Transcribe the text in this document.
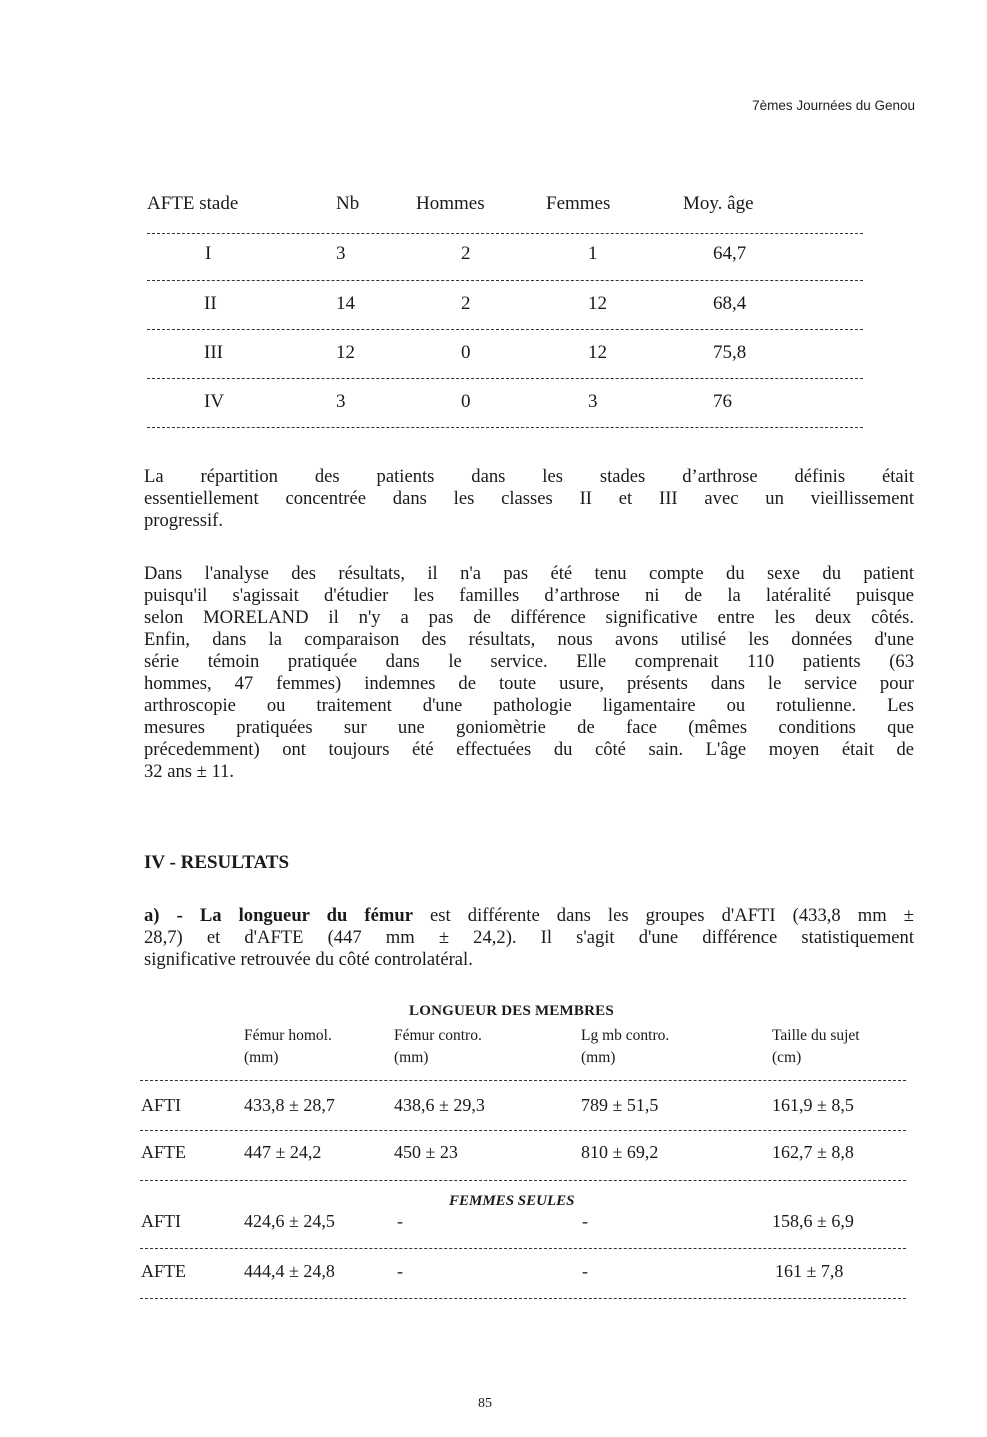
7èmes Journées du Genou
AFTE stade	Nb	Hommes	Femmes	Moy. âge
I	3	2	1	64,7
II	14	2	12	68,4
III	12	0	12	75,8
IV	3	0	3	76
La répartition des patients dans les stades d’arthrose définis était
essentiellement concentrée dans les classes II et III avec un vieillissement
progressif.
Dans l'analyse des résultats, il n'a pas été tenu compte du sexe du patient
puisqu'il s'agissait d'étudier les familles d’arthrose ni de la latéralité puisque
selon MORELAND il n'y a pas de différence significative entre les deux côtés.
Enfin, dans la comparaison des résultats, nous avons utilisé les données d'une
série témoin pratiquée dans le service. Elle comprenait 110 patients (63
hommes, 47 femmes) indemnes de toute usure, présents dans le service pour
arthroscopie ou traitement d'une pathologie ligamentaire ou rotulienne. Les
mesures pratiquées sur une goniomètrie de face (mêmes conditions que
précedemment) ont toujours été effectuées du côté sain. L'âge moyen était de
32 ans ± 11.
IV - RESULTATS
a) - La longueur du fémur est différente dans les groupes d'AFTI (433,8 mm ±
28,7) et d'AFTE (447 mm ± 24,2). Il s'agit d'une différence statistiquement
significative retrouvée du côté controlatéral.
LONGUEUR DES MEMBRES
Fémur homol.
(mm)
Fémur contro.
(mm)
Lg mb contro.
(mm)
Taille du sujet
(cm)
AFTI	433,8 ± 28,7	438,6 ± 29,3	789 ± 51,5	161,9 ± 8,5
AFTE	447 ± 24,2	450 ± 23	810 ± 69,2	162,7 ± 8,8
FEMMES SEULES
AFTI	424,6 ± 24,5	-	-	158,6 ± 6,9
AFTE	444,4 ± 24,8	-	-	161 ± 7,8
85
